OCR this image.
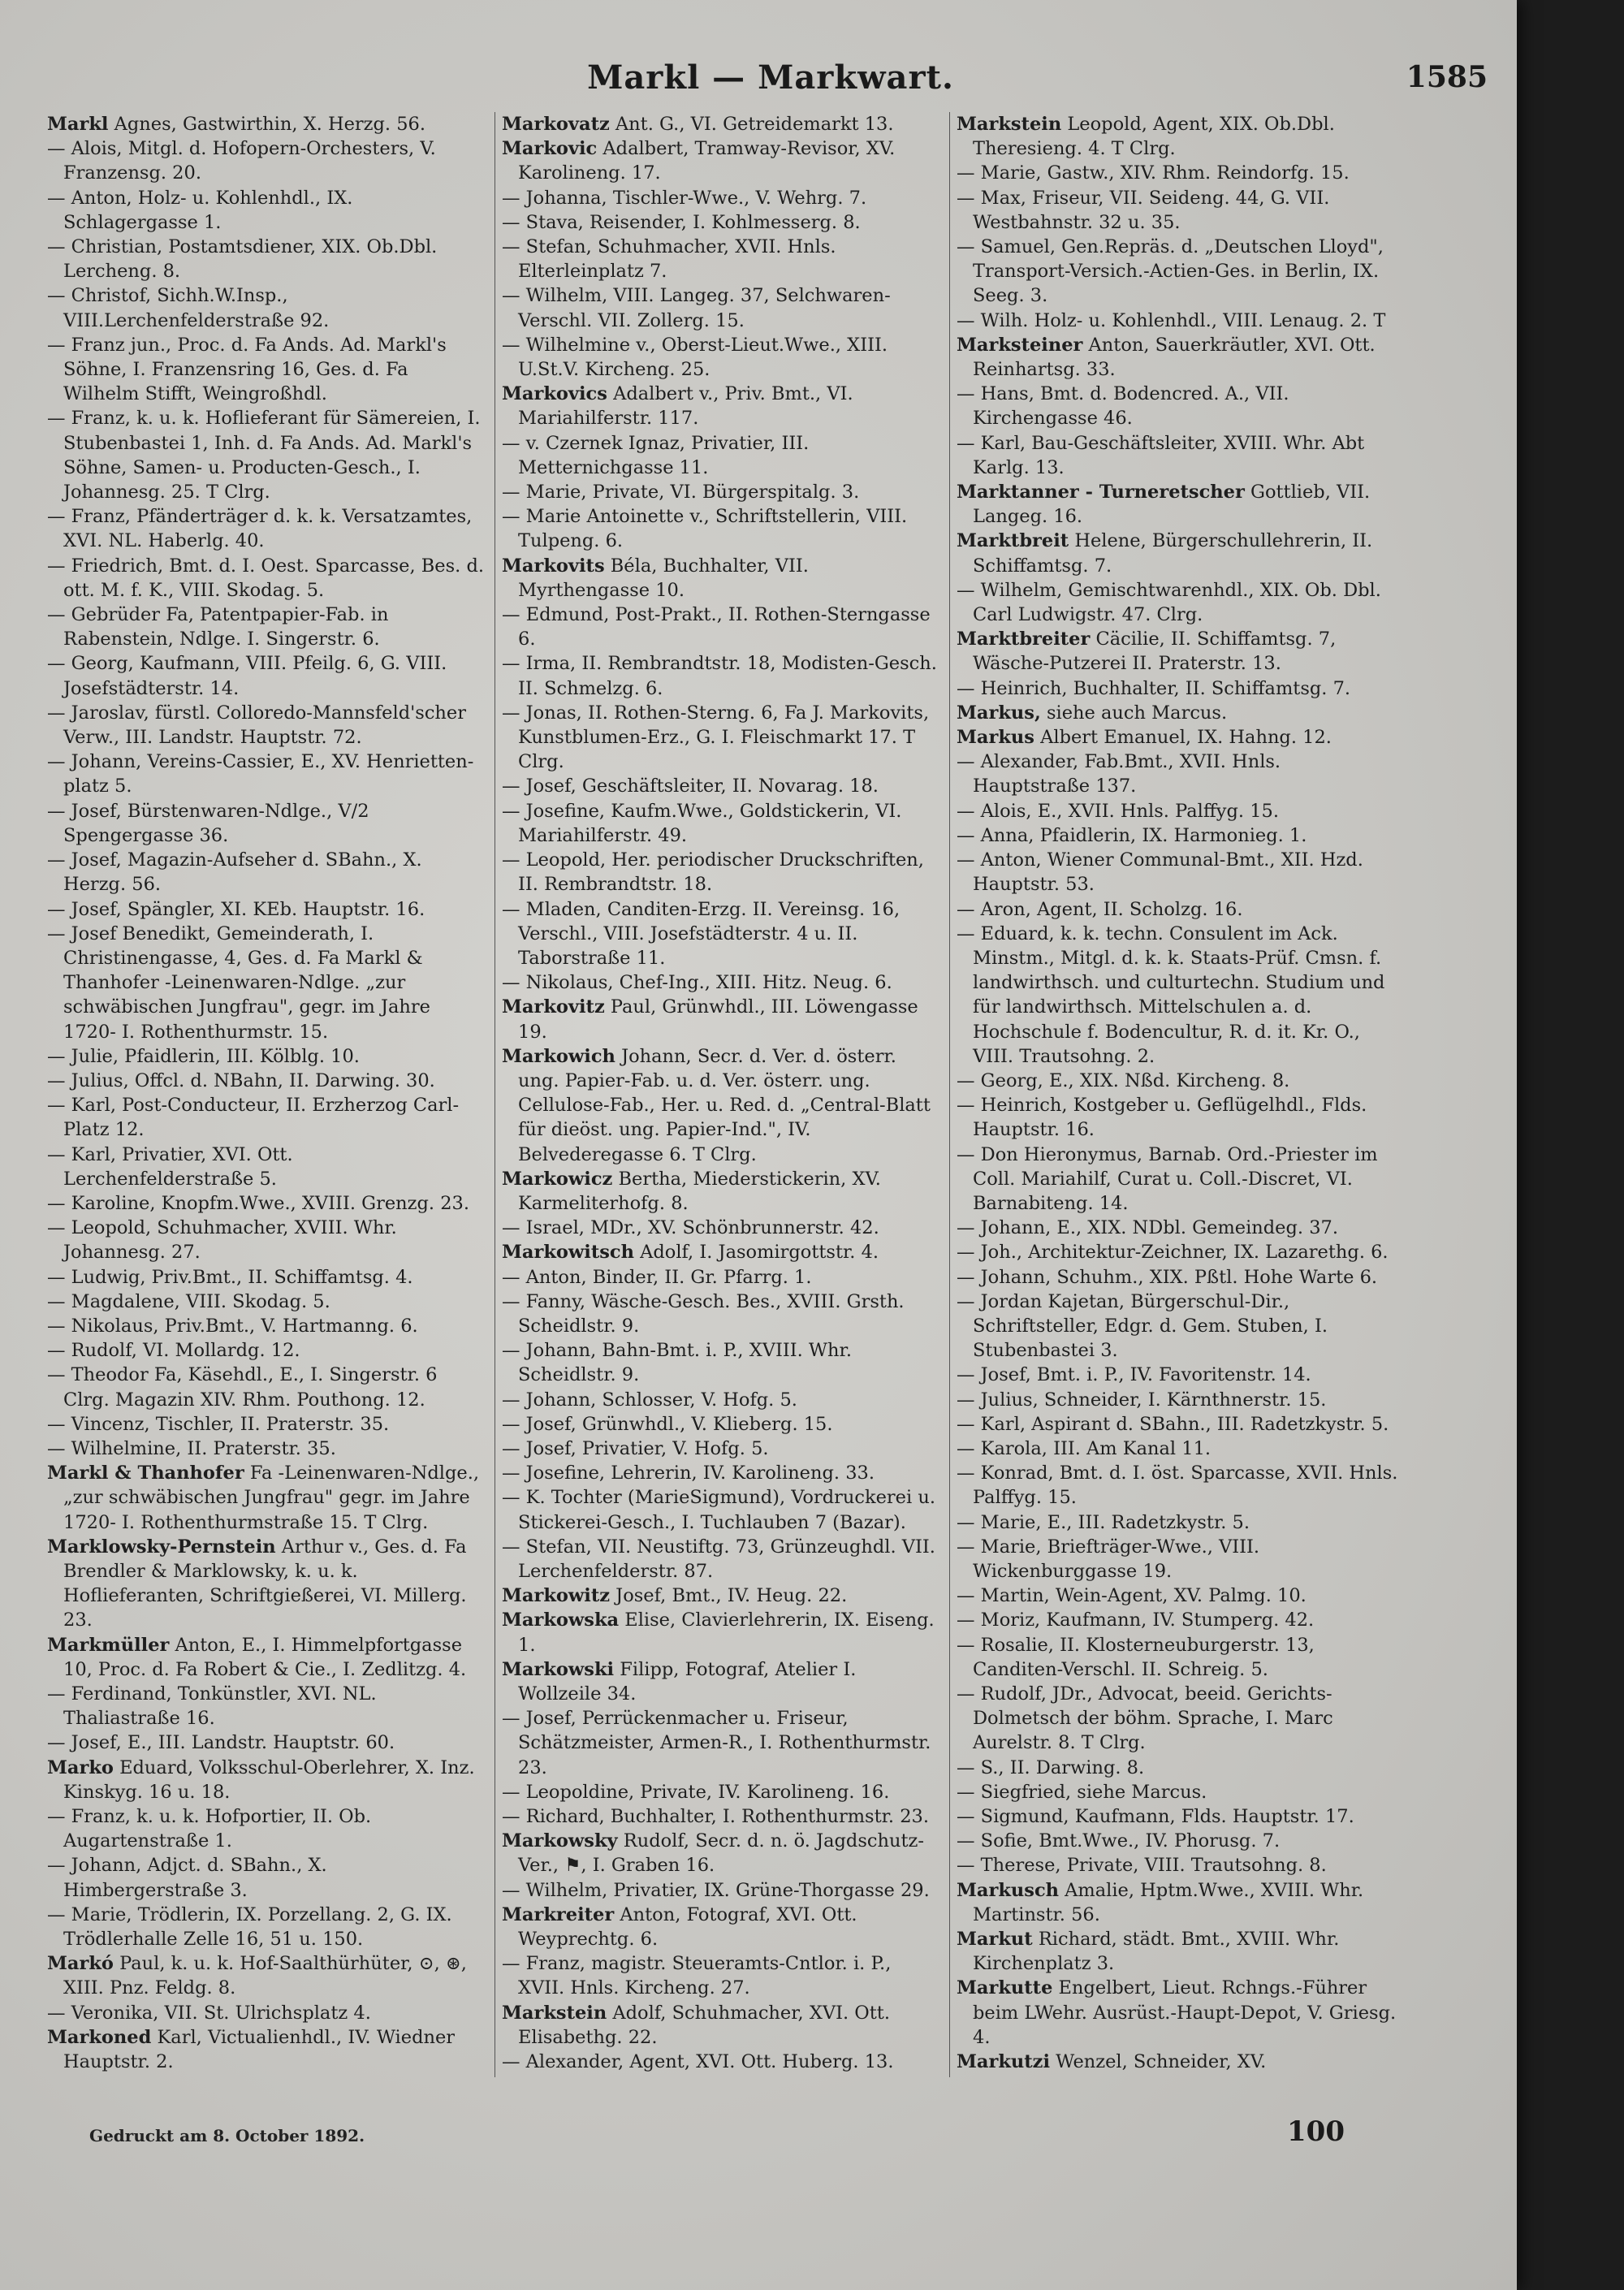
Markl — Markwart.	1585

Markl Agnes, Gastwirthin, X. Herzg. 56.

— Alois, Mitgl. d. Hofopern-Orchesters, V. Franzensg. 20.

— Anton, Holz- u. Kohlenhdl., IX. Schlagergasse 1.

— Christian, Postamtsdiener, XIX. Ob.Dbl. Lercheng. 8.

— Christof, Sichh.W.Insp., VIII.Lerchenfelderstraße 92.

— Franz jun., Proc. d. Fa Ands. Ad. Markl's Söhne, I. Franzensring 16, Ges. d. Fa Wilhelm Stifft, Weingroßhdl.

— Franz, k. u. k. Hoflieferant für Sämereien, I. Stubenbastei 1, Inh. d. Fa Ands. Ad. Markl's Söhne, Samen- u. Producten-Gesch., I. Johannesg. 25. T Clrg.

— Franz, Pfänderträger d. k. k. Versatzamtes, XVI. NL. Haberlg. 40.

— Friedrich, Bmt. d. I. Oest. Sparcasse, Bes. d. ott. M. f. K., VIII. Skodag. 5.

— Gebrüder Fa, Patentpapier-Fab. in Rabenstein, Ndlge. I. Singerstr. 6.

— Georg, Kaufmann, VIII. Pfeilg. 6, G. VIII. Josefstädterstr. 14.

— Jaroslav, fürstl. Colloredo-Mannsfeld'scher Verw., III. Landstr. Hauptstr. 72.

— Johann, Vereins-Cassier, E., XV. Henrietten-platz 5.

— Josef, Bürstenwaren-Ndlge., V/2 Spengergasse 36.

— Josef, Magazin-Aufseher d. SBahn., X. Herzg. 56.

— Josef, Spängler, XI. KEb. Hauptstr. 16.

— Josef Benedikt, Gemeinderath, I. Christinengasse, 4, Ges. d. Fa Markl & Thanhofer -Leinenwaren-Ndlge. „zur schwäbischen Jungfrau", gegr. im Jahre 1720- I. Rothenthurmstr. 15.

— Julie, Pfaidlerin, III. Kölblg. 10.

— Julius, Offcl. d. NBahn, II. Darwing. 30.

— Karl, Post-Conducteur, II. Erzherzog Carl-Platz 12.

— Karl, Privatier, XVI. Ott. Lerchenfelderstraße 5.

— Karoline, Knopfm.Wwe., XVIII. Grenzg. 23.

— Leopold, Schuhmacher, XVIII. Whr. Johannesg. 27.

— Ludwig, Priv.Bmt., II. Schiffamtsg. 4.

— Magdalene, VIII. Skodag. 5.

— Nikolaus, Priv.Bmt., V. Hartmanng. 6.

— Rudolf, VI. Mollardg. 12.

— Theodor Fa, Käsehdl., E., I. Singerstr. 6 Clrg. Magazin XIV. Rhm. Pouthong. 12.

— Vincenz, Tischler, II. Praterstr. 35.

— Wilhelmine, II. Praterstr. 35.

Markl & Thanhofer Fa -Leinenwaren-Ndlge., „zur schwäbischen Jungfrau" gegr. im Jahre 1720- I. Rothenthurmstraße 15. T Clrg.

Marklowsky-Pernstein Arthur v., Ges. d. Fa Brendler & Marklowsky, k. u. k. Hoflieferanten, Schriftgießerei, VI. Millerg. 23.

Markmüller Anton, E., I. Himmelpfortgasse 10, Proc. d. Fa Robert & Cie., I. Zedlitzg. 4.

— Ferdinand, Tonkünstler, XVI. NL. Thaliastraße 16.

— Josef, E., III. Landstr. Hauptstr. 60.

Marko Eduard, Volksschul-Oberlehrer, X. Inz. Kinskyg. 16 u. 18.

— Franz, k. u. k. Hofportier, II. Ob. Augartenstraße 1.

— Johann, Adjct. d. SBahn., X. Himbergerstraße 3.

— Marie, Trödlerin, IX. Porzellang. 2, G. IX. Trödlerhalle Zelle 16, 51 u. 150.

Markó Paul, k. u. k. Hof-Saalthürhüter, ⊙, ⊛, XIII. Pnz. Feldg. 8.

— Veronika, VII. St. Ulrichsplatz 4.

Markoned Karl, Victualienhdl., IV. Wiedner Hauptstr. 2.

Markovatz Ant. G., VI. Getreidemarkt 13.

Markovic Adalbert, Tramway-Revisor, XV. Karolineng. 17.

— Johanna, Tischler-Wwe., V. Wehrg. 7.

— Stava, Reisender, I. Kohlmesserg. 8.

— Stefan, Schuhmacher, XVII. Hnls. Elterleinplatz 7.

— Wilhelm, VIII. Langeg. 37, Selchwaren-Verschl. VII. Zollerg. 15.

— Wilhelmine v., Oberst-Lieut.Wwe., XIII. U.St.V. Kircheng. 25.

Markovics Adalbert v., Priv. Bmt., VI. Mariahilferstr. 117.

— v. Czernek Ignaz, Privatier, III. Metternichgasse 11.

— Marie, Private, VI. Bürgerspitalg. 3.

— Marie Antoinette v., Schriftstellerin, VIII. Tulpeng. 6.

Markovits Béla, Buchhalter, VII. Myrthengasse 10.

— Edmund, Post-Prakt., II. Rothen-Sterngasse 6.

— Irma, II. Rembrandtstr. 18, Modisten-Gesch. II. Schmelzg. 6.

— Jonas, II. Rothen-Sterng. 6, Fa J. Markovits, Kunstblumen-Erz., G. I. Fleischmarkt 17. T Clrg.

— Josef, Geschäftsleiter, II. Novarag. 18.

— Josefine, Kaufm.Wwe., Goldstickerin, VI. Mariahilferstr. 49.

— Leopold, Her. periodischer Druckschriften, II. Rembrandtstr. 18.

— Mladen, Canditen-Erzg. II. Vereinsg. 16, Verschl., VIII. Josefstädterstr. 4 u. II. Taborstraße 11.

— Nikolaus, Chef-Ing., XIII. Hitz. Neug. 6.

Markovitz Paul, Grünwhdl., III. Löwengasse 19.

Markowich Johann, Secr. d. Ver. d. österr. ung. Papier-Fab. u. d. Ver. österr. ung. Cellulose-Fab., Her. u. Red. d. „Central-Blatt für dieöst. ung. Papier-Ind.", IV. Belvederegasse 6. T Clrg.

Markowicz Bertha, Miederstickerin, XV. Karmeliterhofg. 8.

— Israel, MDr., XV. Schönbrunnerstr. 42.

Markowitsch Adolf, I. Jasomirgottstr. 4.

— Anton, Binder, II. Gr. Pfarrg. 1.

— Fanny, Wäsche-Gesch. Bes., XVIII. Grsth. Scheidlstr. 9.

— Johann, Bahn-Bmt. i. P., XVIII. Whr. Scheidlstr. 9.

— Johann, Schlosser, V. Hofg. 5.

— Josef, Grünwhdl., V. Klieberg. 15.

— Josef, Privatier, V. Hofg. 5.

— Josefine, Lehrerin, IV. Karolineng. 33.

— K. Tochter (MarieSigmund), Vordruckerei u. Stickerei-Gesch., I. Tuchlauben 7 (Bazar).

— Stefan, VII. Neustiftg. 73, Grünzeughdl. VII. Lerchenfelderstr. 87.

Markowitz Josef, Bmt., IV. Heug. 22.

Markowska Elise, Clavierlehrerin, IX. Eiseng. 1.

Markowski Filipp, Fotograf, Atelier I. Wollzeile 34.

— Josef, Perrückenmacher u. Friseur, Schätzmeister, Armen-R., I. Rothenthurmstr. 23.

— Leopoldine, Private, IV. Karolineng. 16.

— Richard, Buchhalter, I. Rothenthurmstr. 23.

Markowsky Rudolf, Secr. d. n. ö. Jagdschutz-Ver., ⚑, I. Graben 16.

— Wilhelm, Privatier, IX. Grüne-Thorgasse 29.

Markreiter Anton, Fotograf, XVI. Ott. Weyprechtg. 6.

— Franz, magistr. Steueramts-Cntlor. i. P., XVII. Hnls. Kircheng. 27.

Markstein Adolf, Schuhmacher, XVI. Ott. Elisabethg. 22.

— Alexander, Agent, XVI. Ott. Huberg. 13.

Markstein Leopold, Agent, XIX. Ob.Dbl. Theresieng. 4. T Clrg.

— Marie, Gastw., XIV. Rhm. Reindorfg. 15.

— Max, Friseur, VII. Seideng. 44, G. VII. Westbahnstr. 32 u. 35.

— Samuel, Gen.Repräs. d. „Deutschen Lloyd", Transport-Versich.-Actien-Ges. in Berlin, IX. Seeg. 3.

— Wilh. Holz- u. Kohlenhdl., VIII. Lenaug. 2. T

Marksteiner Anton, Sauerkräutler, XVI. Ott. Reinhartsg. 33.

— Hans, Bmt. d. Bodencred. A., VII. Kirchengasse 46.

— Karl, Bau-Geschäftsleiter, XVIII. Whr. Abt Karlg. 13.

Marktanner - Turneretscher Gottlieb, VII. Langeg. 16.

Marktbreit Helene, Bürgerschullehrerin, II. Schiffamtsg. 7.

— Wilhelm, Gemischtwarenhdl., XIX. Ob. Dbl. Carl Ludwigstr. 47. Clrg.

Marktbreiter Cäcilie, II. Schiffamtsg. 7, Wäsche-Putzerei II. Praterstr. 13.

— Heinrich, Buchhalter, II. Schiffamtsg. 7.

Markus, siehe auch Marcus.

Markus Albert Emanuel, IX. Hahng. 12.

— Alexander, Fab.Bmt., XVII. Hnls. Hauptstraße 137.

— Alois, E., XVII. Hnls. Palffyg. 15.

— Anna, Pfaidlerin, IX. Harmonieg. 1.

— Anton, Wiener Communal-Bmt., XII. Hzd. Hauptstr. 53.

— Aron, Agent, II. Scholzg. 16.

— Eduard, k. k. techn. Consulent im Ack. Minstm., Mitgl. d. k. k. Staats-Prüf. Cmsn. f. landwirthsch. und culturtechn. Studium und für landwirthsch. Mittelschulen a. d. Hochschule f. Bodencultur, R. d. it. Kr. O., VIII. Trautsohng. 2.

— Georg, E., XIX. Nßd. Kircheng. 8.

— Heinrich, Kostgeber u. Geflügelhdl., Flds. Hauptstr. 16.

— Don Hieronymus, Barnab. Ord.-Priester im Coll. Mariahilf, Curat u. Coll.-Discret, VI. Barnabiteng. 14.

— Johann, E., XIX. NDbl. Gemeindeg. 37.

— Joh., Architektur-Zeichner, IX. Lazarethg. 6.

— Johann, Schuhm., XIX. Pßtl. Hohe Warte 6.

— Jordan Kajetan, Bürgerschul-Dir., Schriftsteller, Edgr. d. Gem. Stuben, I. Stubenbastei 3.

— Josef, Bmt. i. P., IV. Favoritenstr. 14.

— Julius, Schneider, I. Kärnthnerstr. 15.

— Karl, Aspirant d. SBahn., III. Radetzkystr. 5.

— Karola, III. Am Kanal 11.

— Konrad, Bmt. d. I. öst. Sparcasse, XVII. Hnls. Palffyg. 15.

— Marie, E., III. Radetzkystr. 5.

— Marie, Briefträger-Wwe., VIII. Wickenburggasse 19.

— Martin, Wein-Agent, XV. Palmg. 10.

— Moriz, Kaufmann, IV. Stumperg. 42.

— Rosalie, II. Klosterneuburgerstr. 13, Canditen-Verschl. II. Schreig. 5.

— Rudolf, JDr., Advocat, beeid. Gerichts-Dolmetsch der böhm. Sprache, I. Marc Aurelstr. 8. T Clrg.

— S., II. Darwing. 8.

— Siegfried, siehe Marcus.

— Sigmund, Kaufmann, Flds. Hauptstr. 17.

— Sofie, Bmt.Wwe., IV. Phorusg. 7.

— Therese, Private, VIII. Trautsohng. 8.

Markusch Amalie, Hptm.Wwe., XVIII. Whr. Martinstr. 56.

Markut Richard, städt. Bmt., XVIII. Whr. Kirchenplatz 3.

Markutte Engelbert, Lieut. Rchngs.-Führer beim LWehr. Ausrüst.-Haupt-Depot, V. Griesg. 4.

Markutzi Wenzel, Schneider, XV.

Gedruckt am 8. October 1892.	100
